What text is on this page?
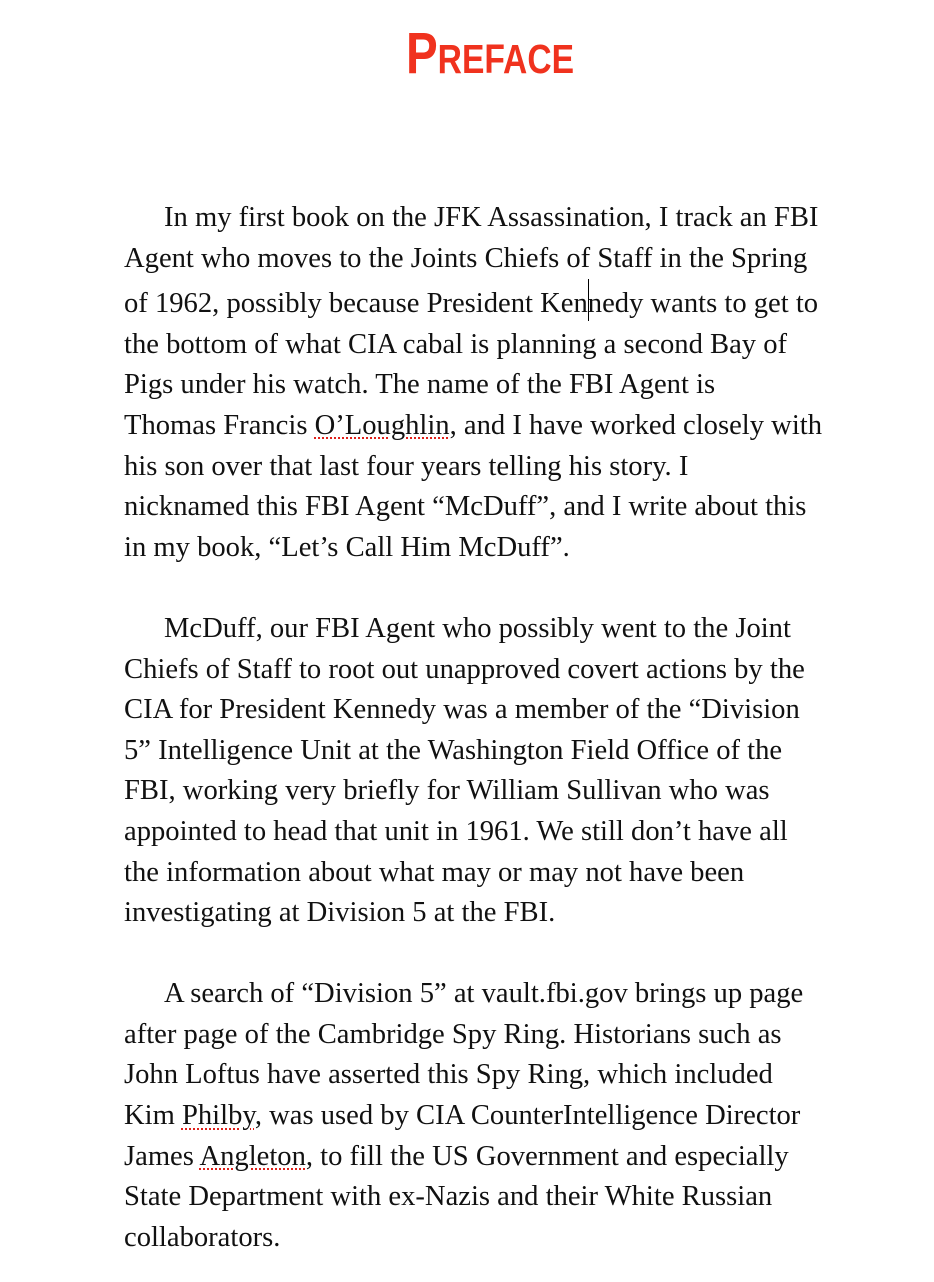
Preface

In my first book on the JFK Assassination, I track an FBI
Agent who moves to the Joints Chiefs of Staff in the Spring
of 1962, possibly because President Kennedy wants to get to
the bottom of what CIA cabal is planning a second Bay of
Pigs under his watch. The name of the FBI Agent is
Thomas Francis O’Loughlin, and I have worked closely with
his son over that last four years telling his story. I
nicknamed this FBI Agent “McDuff”, and I write about this
in my book, “Let’s Call Him McDuff”.

McDuff, our FBI Agent who possibly went to the Joint
Chiefs of Staff to root out unapproved covert actions by the
CIA for President Kennedy was a member of the “Division
5” Intelligence Unit at the Washington Field Office of the
FBI, working very briefly for William Sullivan who was
appointed to head that unit in 1961. We still don’t have all
the information about what may or may not have been
investigating at Division 5 at the FBI.

A search of “Division 5” at vault.fbi.gov brings up page
after page of the Cambridge Spy Ring. Historians such as
John Loftus have asserted this Spy Ring, which included
Kim Philby, was used by CIA CounterIntelligence Director
James Angleton, to fill the US Government and especially
State Department with ex-Nazis and their White Russian
collaborators.
